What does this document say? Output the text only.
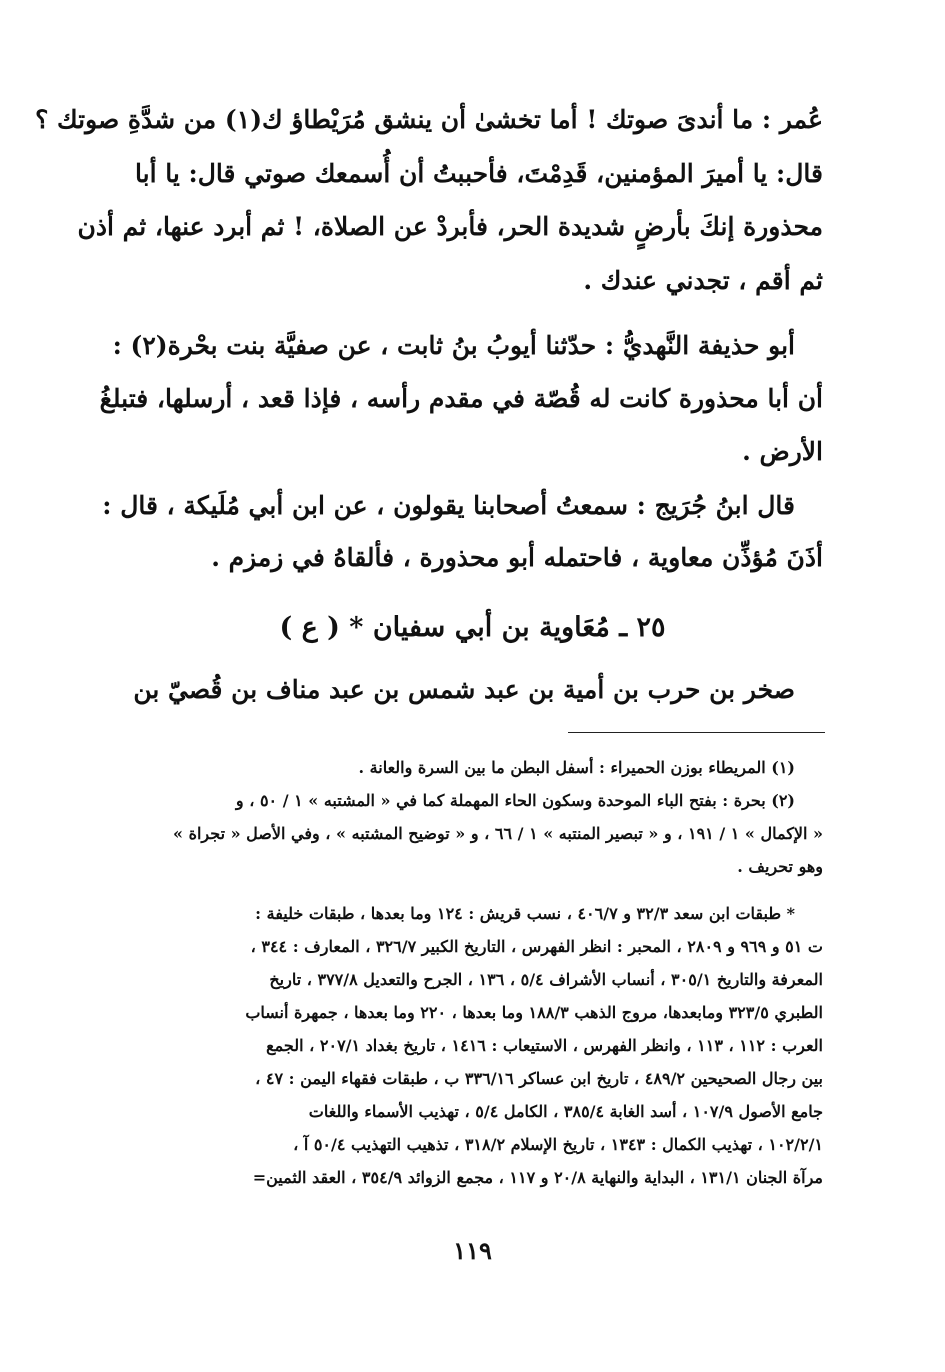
عُمر : ما أندىَ صوتك ! أما تخشىٰ أن ينشق مُرَيْطاؤ ك(١) من شدَّةِ صوتك ؟
قال: يا أميرَ المؤمنين، قَدِمْتَ، فأحببتُ أن أُسمعك صوتي قال: يا أبا
محذورة إنكَ بأرضٍ شديدة الحر، فأبردْ عن الصلاة، ! ثم أبرد عنها، ثم أذن
ثم أقم ، تجدني عندك .
أبو حذيفة النَّهديُّ : حدّثنا أيوبُ بنُ ثابت ، عن صفيَّة بنت بحْرة(٢) :
أن أبا محذورة كانت له قُصّة في مقدم رأسه ، فإذا قعد ، أرسلها، فتبلغُ
الأرض .
قال ابنُ جُرَيج : سمعتُ أصحابنا يقولون ، عن ابن أبي مُلَيكة ، قال :
أذَنَ مُؤذِّن معاوية ، فاحتمله أبو محذورة ، فألقاهُ في زمزم .
٢٥ ـ مُعَاوية بن أبي سفيان * ( ع )
صخر بن حرب بن أمية بن عبد شمس بن عبد مناف بن قُصيّ بن
(١) المريطاء بوزن الحميراء : أسفل البطن ما بين السرة والعانة .
(٢) بحرة : بفتح الباء الموحدة وسكون الحاء المهملة كما في « المشتبه » ١ / ٥٠ ، و
« الإكمال » ١ / ١٩١ ، و « تبصير المنتبه » ١ / ٦٦ ، و « توضيح المشتبه » ، وفي الأصل « تجراة »
وهو تحريف .
* طبقات ابن سعد ٣٢/٣ و ٤٠٦/٧ ، نسب قريش : ١٢٤ وما بعدها ، طبقات خليفة :
ت ٥١ و ٩٦٩ و ٢٨٠٩ ، المحبر : انظر الفهرس ، التاريخ الكبير ٣٢٦/٧ ، المعارف : ٣٤٤ ،
المعرفة والتاريخ ٣٠٥/١ ، أنساب الأشراف ٥/٤ ، ١٣٦ ، الجرح والتعديل ٣٧٧/٨ ، تاريخ
الطبري ٣٢٣/٥ ومابعدها، مروج الذهب ١٨٨/٣ وما بعدها ، ٢٢٠ وما بعدها ، جمهرة أنساب
العرب : ١١٢ ، ١١٣ ، وانظر الفهرس ، الاستيعاب : ١٤١٦ ، تاريخ بغداد ٢٠٧/١ ، الجمع
بين رجال الصحيحين ٤٨٩/٢ ، تاريخ ابن عساكر ٣٣٦/١٦ ب ، طبقات فقهاء اليمن : ٤٧ ،
جامع الأصول ١٠٧/٩ ، أسد الغابة ٣٨٥/٤ ، الكامل ٥/٤ ، تهذيب الأسماء واللغات
١٠٢/٢/١ ، تهذيب الكمال : ١٣٤٣ ، تاريخ الإسلام ٣١٨/٢ ، تذهيب التهذيب ٥٠/٤ آ ،
مرآة الجنان ١٣١/١ ، البداية والنهاية ٢٠/٨ و ١١٧ ، مجمع الزوائد ٣٥٤/٩ ، العقد الثمين=
١١٩
